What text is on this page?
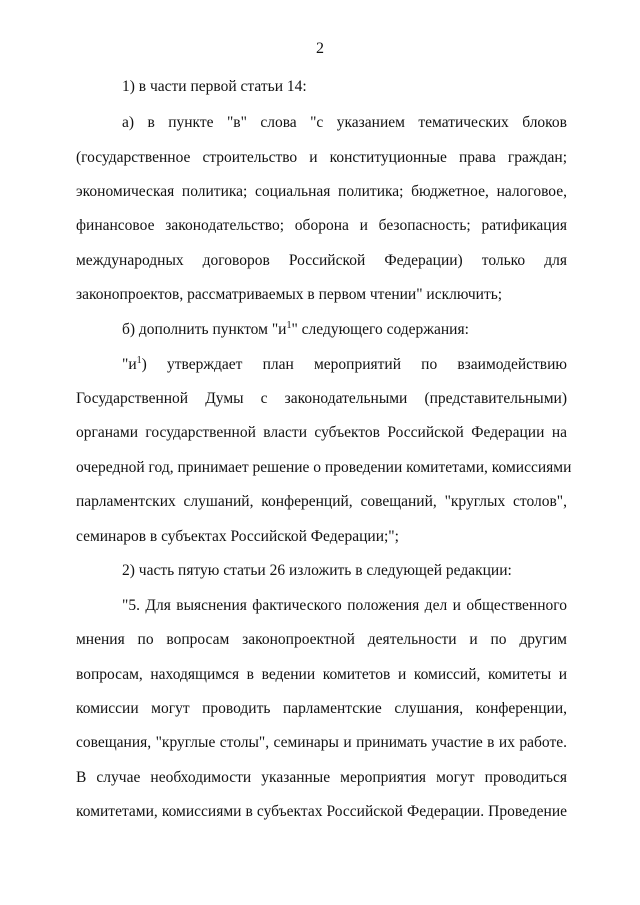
2
1) в части первой статьи 14:
а) в пункте "в" слова "с указанием тематических блоков
(государственное строительство и конституционные права граждан;
экономическая политика; социальная политика; бюджетное, налоговое,
финансовое законодательство; оборона и безопасность; ратификация
международных договоров Российской Федерации) только для
законопроектов, рассматриваемых в первом чтении" исключить;
б) дополнить пунктом "$и^1$" следующего содержания:
"$и^1$) утверждает план мероприятий по взаимодействию
Государственной Думы с законодательными (представительными)
органами государственной власти субъектов Российской Федерации на
очередной год, принимает решение о проведении комитетами, комиссиями
парламентских слушаний, конференций, совещаний, "круглых столов",
семинаров в субъектах Российской Федерации;";
2) часть пятую статьи 26 изложить в следующей редакции:
"5. Для выяснения фактического положения дел и общественного
мнения по вопросам законопроектной деятельности и по другим
вопросам, находящимся в ведении комитетов и комиссий, комитеты и
комиссии могут проводить парламентские слушания, конференции,
совещания, "круглые столы", семинары и принимать участие в их работе.
В случае необходимости указанные мероприятия могут проводиться
комитетами, комиссиями в субъектах Российской Федерации. Проведение
